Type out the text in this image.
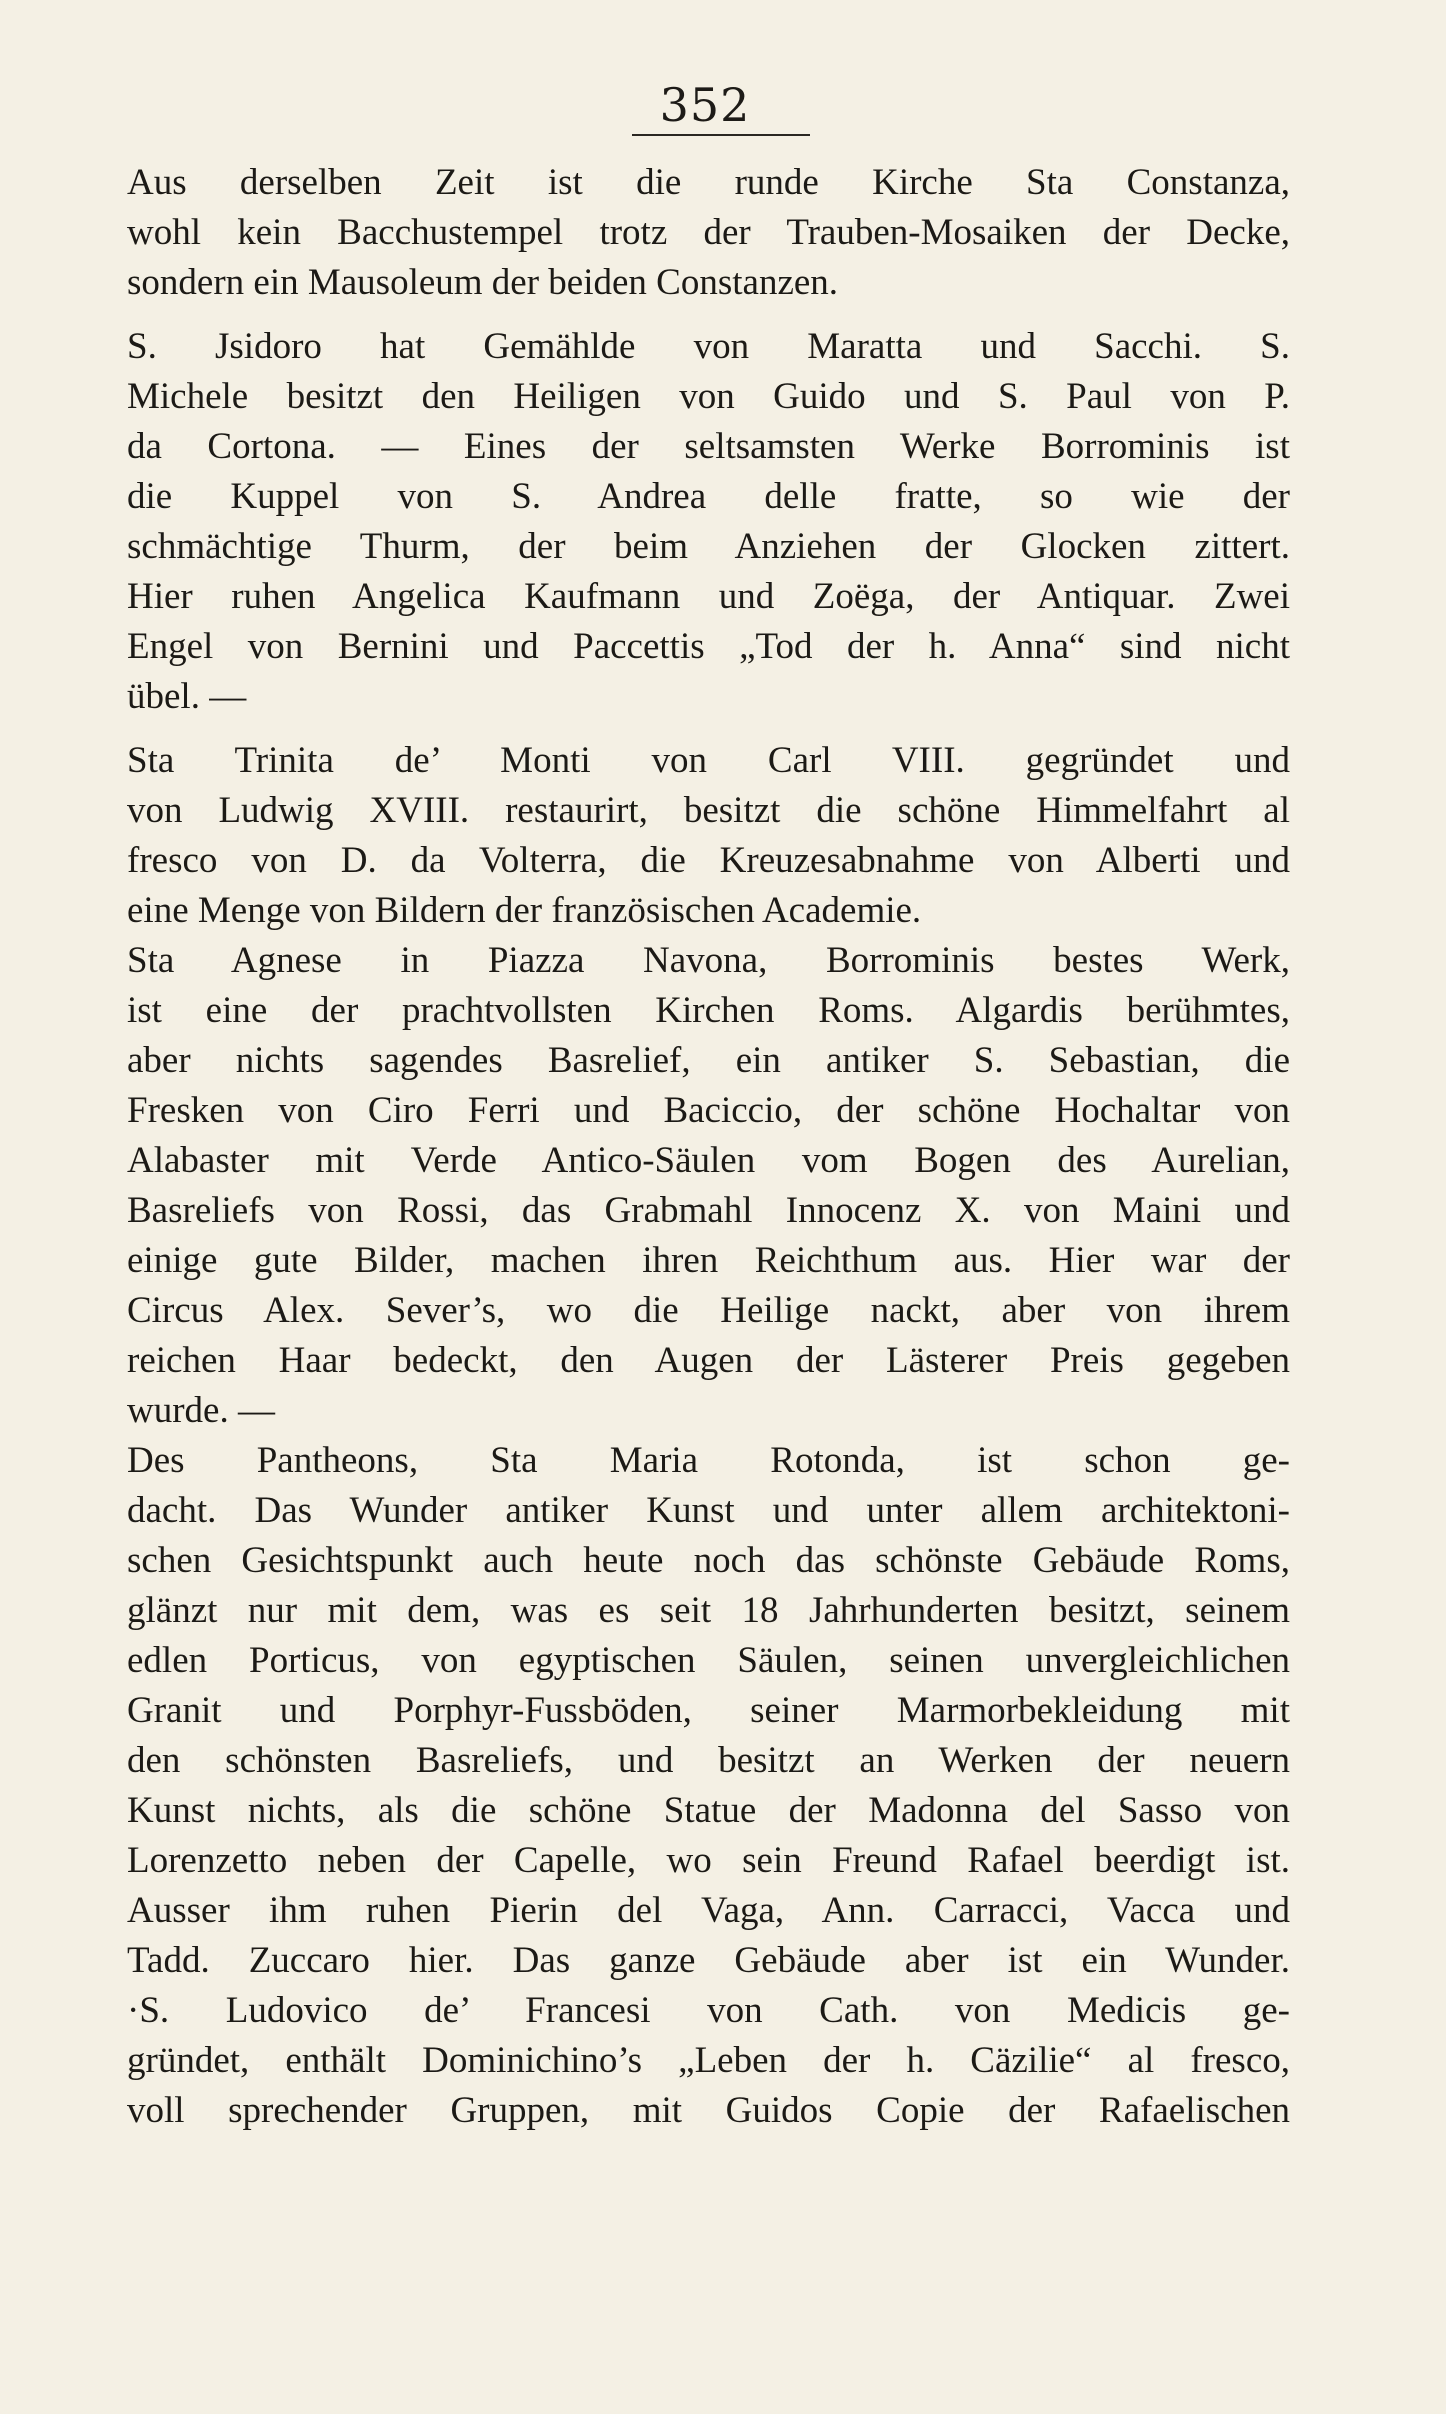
352
Aus derselben Zeit ist die runde Kirche Sta Constanza,
wohl kein Bacchustempel trotz der Trauben-Mosaiken der Decke,
sondern ein Mausoleum der beiden Constanzen.
S. Jsidoro hat Gemählde von Maratta und Sacchi. S.
Michele besitzt den Heiligen von Guido und S. Paul von P.
da Cortona. — Eines der seltsamsten Werke Borrominis ist
die Kuppel von S. Andrea delle fratte, so wie der
schmächtige Thurm, der beim Anziehen der Glocken zittert.
Hier ruhen Angelica Kaufmann und Zoëga, der Antiquar. Zwei
Engel von Bernini und Paccettis „Tod der h. Anna“ sind nicht
übel. —
Sta Trinita de’ Monti von Carl VIII. gegründet und
von Ludwig XVIII. restaurirt, besitzt die schöne Himmelfahrt al
fresco von D. da Volterra, die Kreuzesabnahme von Alberti und
eine Menge von Bildern der französischen Academie.
Sta Agnese in Piazza Navona, Borrominis bestes Werk,
ist eine der prachtvollsten Kirchen Roms. Algardis berühmtes,
aber nichts sagendes Basrelief, ein antiker S. Sebastian, die
Fresken von Ciro Ferri und Baciccio, der schöne Hochaltar von
Alabaster mit Verde Antico-Säulen vom Bogen des Aurelian,
Basreliefs von Rossi, das Grabmahl Innocenz X. von Maini und
einige gute Bilder, machen ihren Reichthum aus. Hier war der
Circus Alex. Sever’s, wo die Heilige nackt, aber von ihrem
reichen Haar bedeckt, den Augen der Lästerer Preis gegeben
wurde. —
Des Pantheons, Sta Maria Rotonda, ist schon ge-
dacht. Das Wunder antiker Kunst und unter allem architektoni-
schen Gesichtspunkt auch heute noch das schönste Gebäude Roms,
glänzt nur mit dem, was es seit 18 Jahrhunderten besitzt, seinem
edlen Porticus, von egyptischen Säulen, seinen unvergleichlichen
Granit und Porphyr-Fussböden, seiner Marmorbekleidung mit
den schönsten Basreliefs, und besitzt an Werken der neuern
Kunst nichts, als die schöne Statue der Madonna del Sasso von
Lorenzetto neben der Capelle, wo sein Freund Rafael beerdigt ist.
Ausser ihm ruhen Pierin del Vaga, Ann. Carracci, Vacca und
Tadd. Zuccaro hier. Das ganze Gebäude aber ist ein Wunder.
·S. Ludovico de’ Francesi von Cath. von Medicis ge-
gründet, enthält Dominichino’s „Leben der h. Cäzilie“ al fresco,
voll sprechender Gruppen, mit Guidos Copie der Rafaelischen
